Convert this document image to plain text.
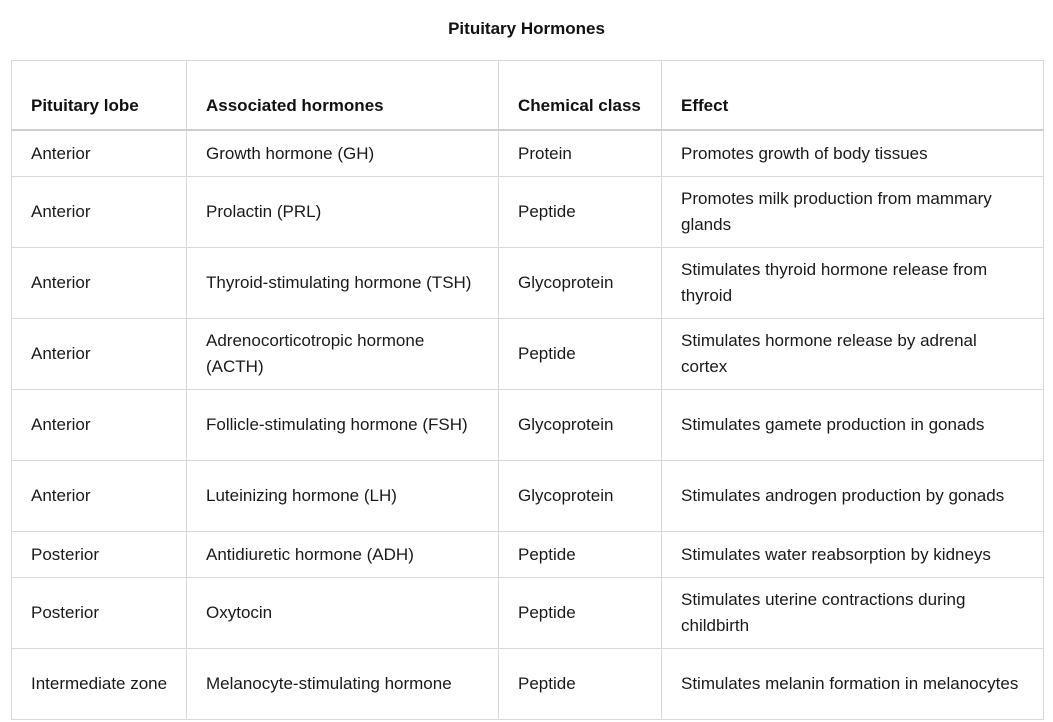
Pituitary Hormones
Pituitary lobe	Associated hormones	Chemical class	Effect
Anterior	Growth hormone (GH)	Protein	Promotes growth of body tissues
Anterior	Prolactin (PRL)	Peptide	Promotes milk production from mammary glands
Anterior	Thyroid-stimulating hormone (TSH)	Glycoprotein	Stimulates thyroid hormone release from thyroid
Anterior	Adrenocorticotropic hormone (ACTH)	Peptide	Stimulates hormone release by adrenal cortex
Anterior	Follicle-stimulating hormone (FSH)	Glycoprotein	Stimulates gamete production in gonads
Anterior	Luteinizing hormone (LH)	Glycoprotein	Stimulates androgen production by gonads
Posterior	Antidiuretic hormone (ADH)	Peptide	Stimulates water reabsorption by kidneys
Posterior	Oxytocin	Peptide	Stimulates uterine contractions during childbirth
Intermediate zone	Melanocyte-stimulating hormone	Peptide	Stimulates melanin formation in melanocytes
